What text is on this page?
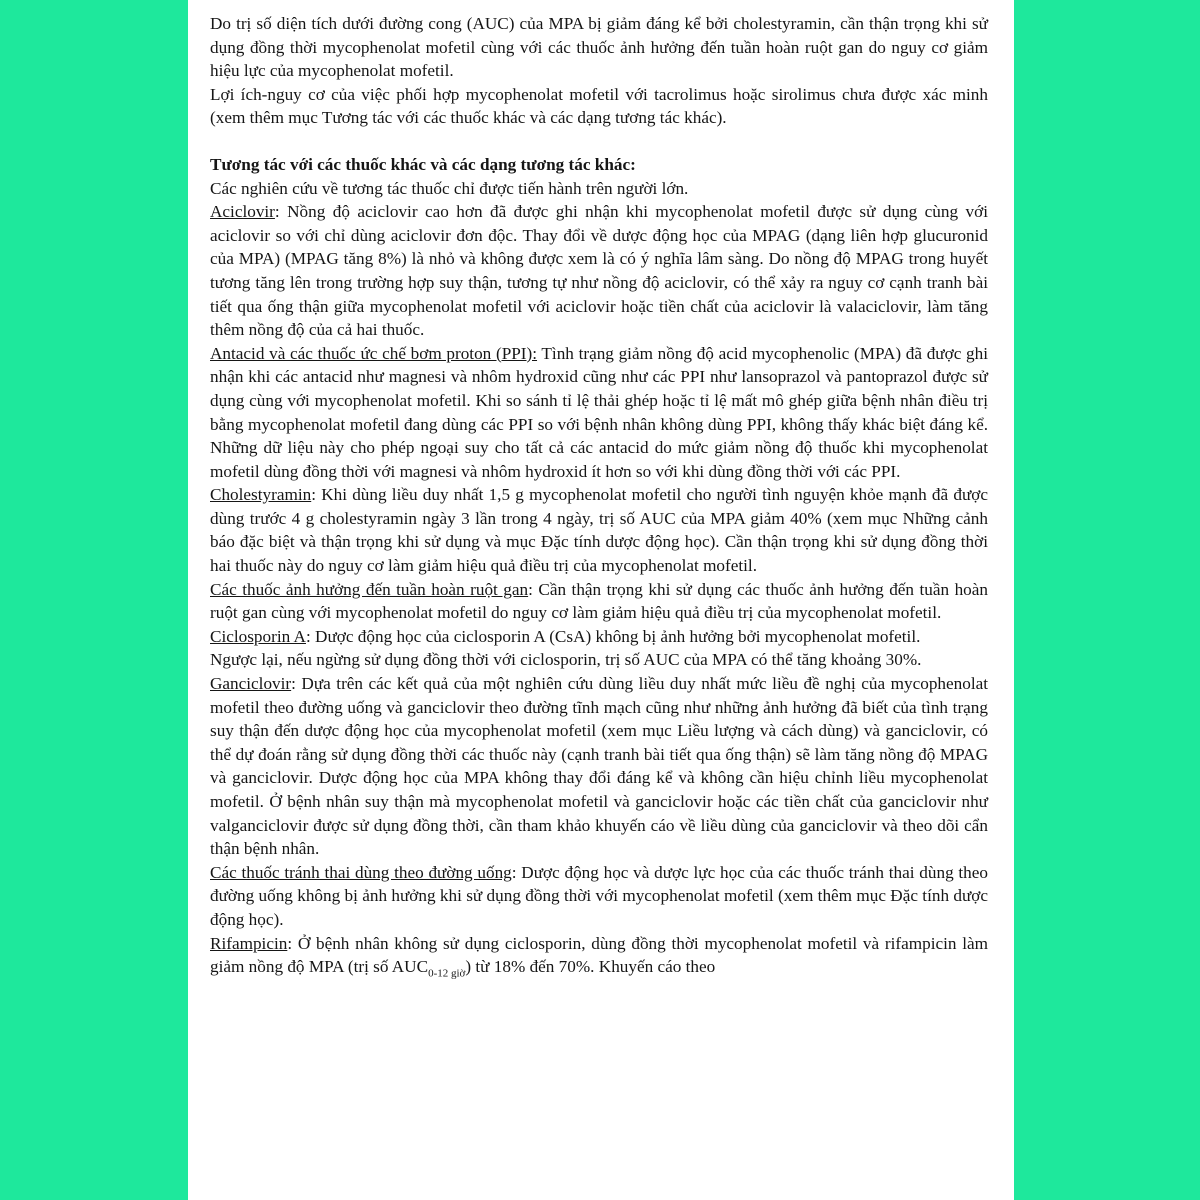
Do trị số diện tích dưới đường cong (AUC) của MPA bị giảm đáng kể bởi cholestyramin, cần thận trọng khi sử dụng đồng thời mycophenolat mofetil cùng với các thuốc ảnh hưởng đến tuần hoàn ruột gan do nguy cơ giảm hiệu lực của mycophenolat mofetil.

Lợi ích-nguy cơ của việc phối hợp mycophenolat mofetil với tacrolimus hoặc sirolimus chưa được xác minh (xem thêm mục Tương tác với các thuốc khác và các dạng tương tác khác).

Tương tác với các thuốc khác và các dạng tương tác khác:

Các nghiên cứu về tương tác thuốc chỉ được tiến hành trên người lớn.

Aciclovir: Nồng độ aciclovir cao hơn đã được ghi nhận khi mycophenolat mofetil được sử dụng cùng với aciclovir so với chỉ dùng aciclovir đơn độc. Thay đổi về dược động học của MPAG (dạng liên hợp glucuronid của MPA) (MPAG tăng 8%) là nhỏ và không được xem là có ý nghĩa lâm sàng. Do nồng độ MPAG trong huyết tương tăng lên trong trường hợp suy thận, tương tự như nồng độ aciclovir, có thể xảy ra nguy cơ cạnh tranh bài tiết qua ống thận giữa mycophenolat mofetil với aciclovir hoặc tiền chất của aciclovir là valaciclovir, làm tăng thêm nồng độ của cả hai thuốc.

Antacid và các thuốc ức chế bơm proton (PPI): Tình trạng giảm nồng độ acid mycophenolic (MPA) đã được ghi nhận khi các antacid như magnesi và nhôm hydroxid cũng như các PPI như lansoprazol và pantoprazol được sử dụng cùng với mycophenolat mofetil. Khi so sánh tỉ lệ thải ghép hoặc tỉ lệ mất mô ghép giữa bệnh nhân điều trị bằng mycophenolat mofetil đang dùng các PPI so với bệnh nhân không dùng PPI, không thấy khác biệt đáng kể. Những dữ liệu này cho phép ngoại suy cho tất cả các antacid do mức giảm nồng độ thuốc khi mycophenolat mofetil dùng đồng thời với magnesi và nhôm hydroxid ít hơn so với khi dùng đồng thời với các PPI.

Cholestyramin: Khi dùng liều duy nhất 1,5 g mycophenolat mofetil cho người tình nguyện khỏe mạnh đã được dùng trước 4 g cholestyramin ngày 3 lần trong 4 ngày, trị số AUC của MPA giảm 40% (xem mục Những cảnh báo đặc biệt và thận trọng khi sử dụng và mục Đặc tính dược động học). Cần thận trọng khi sử dụng đồng thời hai thuốc này do nguy cơ làm giảm hiệu quả điều trị của mycophenolat mofetil.

Các thuốc ảnh hưởng đến tuần hoàn ruột gan: Cần thận trọng khi sử dụng các thuốc ảnh hưởng đến tuần hoàn ruột gan cùng với mycophenolat mofetil do nguy cơ làm giảm hiệu quả điều trị của mycophenolat mofetil.

Ciclosporin A: Dược động học của ciclosporin A (CsA) không bị ảnh hưởng bởi mycophenolat mofetil.

Ngược lại, nếu ngừng sử dụng đồng thời với ciclosporin, trị số AUC của MPA có thể tăng khoảng 30%.

Ganciclovir: Dựa trên các kết quả của một nghiên cứu dùng liều duy nhất mức liều đề nghị của mycophenolat mofetil theo đường uống và ganciclovir theo đường tĩnh mạch cũng như những ảnh hưởng đã biết của tình trạng suy thận đến dược động học của mycophenolat mofetil (xem mục Liều lượng và cách dùng) và ganciclovir, có thể dự đoán rằng sử dụng đồng thời các thuốc này (cạnh tranh bài tiết qua ống thận) sẽ làm tăng nồng độ MPAG và ganciclovir. Dược động học của MPA không thay đổi đáng kể và không cần hiệu chỉnh liều mycophenolat mofetil. Ở bệnh nhân suy thận mà mycophenolat mofetil và ganciclovir hoặc các tiền chất của ganciclovir như valganciclovir được sử dụng đồng thời, cần tham khảo khuyến cáo về liều dùng của ganciclovir và theo dõi cẩn thận bệnh nhân.

Các thuốc tránh thai dùng theo đường uống: Dược động học và dược lực học của các thuốc tránh thai dùng theo đường uống không bị ảnh hưởng khi sử dụng đồng thời với mycophenolat mofetil (xem thêm mục Đặc tính dược động học).

Rifampicin: Ở bệnh nhân không sử dụng ciclosporin, dùng đồng thời mycophenolat mofetil và rifampicin làm giảm nồng độ MPA (trị số $AUC_{0-12 giờ}$) từ 18% đến 70%. Khuyến cáo theo
